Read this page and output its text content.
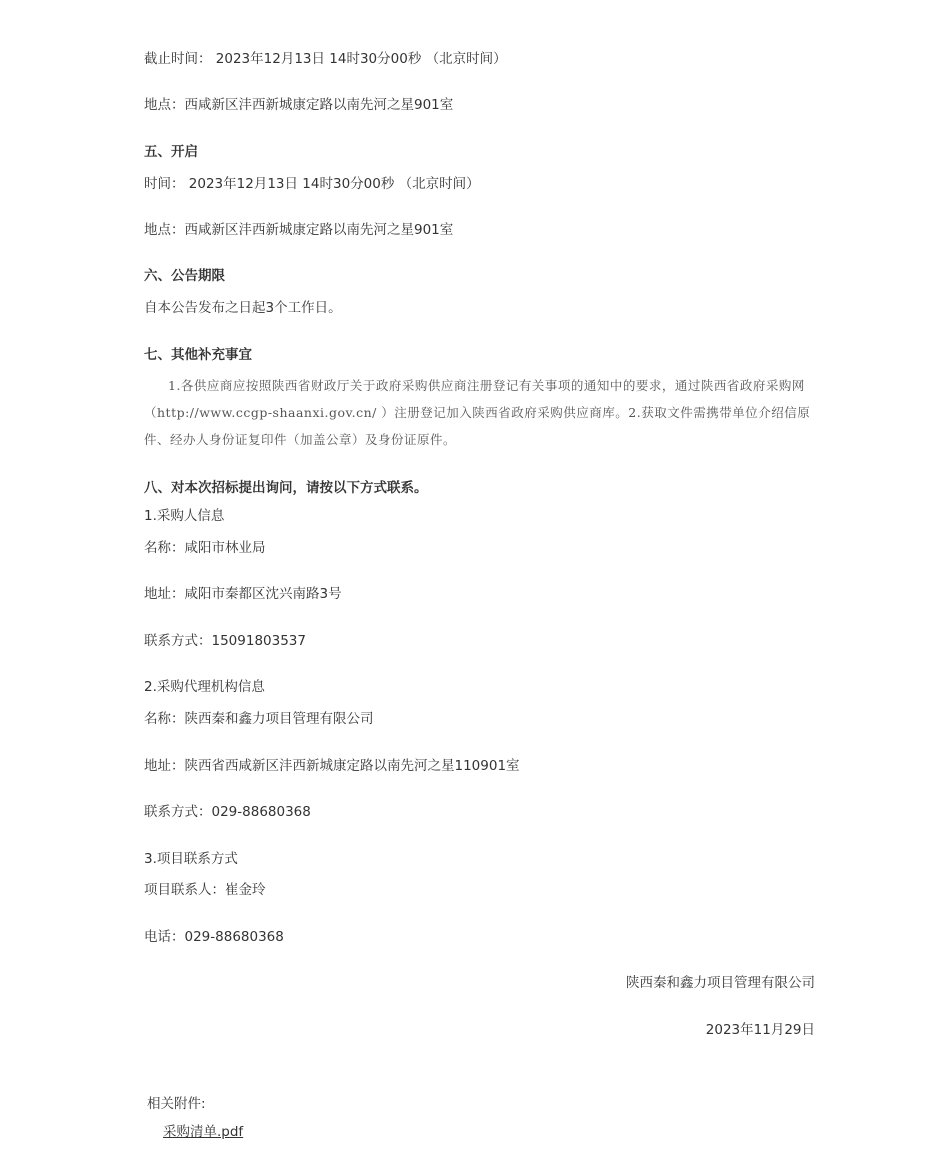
截止时间： 2023年12月13日 14时30分00秒 （北京时间）
地点：西咸新区沣西新城康定路以南先河之星901室
五、开启
时间： 2023年12月13日 14时30分00秒 （北京时间）
地点：西咸新区沣西新城康定路以南先河之星901室
六、公告期限
自本公告发布之日起3个工作日。
七、其他补充事宜

1.各供应商应按照陕西省财政厅关于政府采购供应商注册登记有关事项的通知中的要求，通过陕西省政府采购网（http://www.ccgp-shaanxi.gov.cn/ ）注册登记加入陕西省政府采购供应商库。2.获取文件需携带单位介绍信原件、经办人身份证复印件（加盖公章）及身份证原件。

八、对本次招标提出询问，请按以下方式联系。
1.采购人信息
名称：咸阳市林业局
地址：咸阳市秦都区沈兴南路3号
联系方式：15091803537
2.采购代理机构信息
名称：陕西秦和鑫力项目管理有限公司
地址：陕西省西咸新区沣西新城康定路以南先河之星110901室
联系方式：029-88680368
3.项目联系方式
项目联系人：崔金玲
电话：029-88680368
陕西秦和鑫力项目管理有限公司
2023年11月29日
相关附件:
采购清单.pdf
